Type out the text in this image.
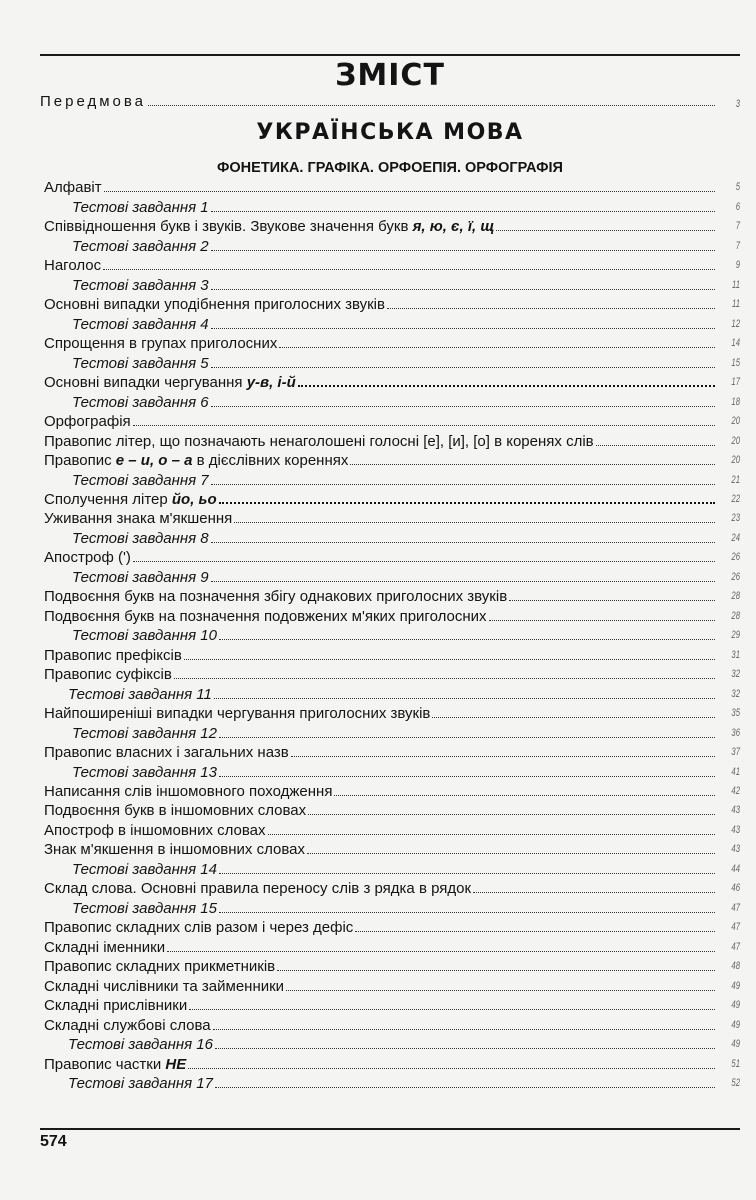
ЗМІСТ
Передмова	3
УКРАЇНСЬКА МОВА
ФОНЕТИКА. ГРАФІКА. ОРФОЕПІЯ. ОРФОГРАФІЯ
Алфавіт	5
Тестові завдання 1	6
Співвідношення букв і звуків. Звукове значення букв я, ю, є, ї, щ	7
Тестові завдання 2	7
Наголос	9
Тестові завдання 3	11
Основні випадки уподібнення приголосних звуків	11
Тестові завдання 4	12
Спрощення в групах приголосних	14
Тестові завдання 5	15
Основні випадки чергування у-в, і-й	17
Тестові завдання 6	18
Орфографія	20
Правопис літер, що позначають ненаголошені голосні [е], [и], [о] в коренях слів	20
Правопис е – и, о – а в дієслівних кореннях	20
Тестові завдання 7	21
Сполучення літер йо, ьо	22
Уживання знака м'якшення	23
Тестові завдання 8	24
Апостроф (')	26
Тестові завдання 9	26
Подвоєння букв на позначення збігу однакових приголосних звуків	28
Подвоєння букв на позначення подовжених м'яких приголосних	28
Тестові завдання 10	29
Правопис префіксів	31
Правопис суфіксів	32
Тестові завдання 11	32
Найпоширеніші випадки чергування приголосних звуків	35
Тестові завдання 12	36
Правопис власних і загальних назв	37
Тестові завдання 13	41
Написання слів іншомовного походження	42
Подвоєння букв в іншомовних словах	43
Апостроф в іншомовних словах	43
Знак м'якшення в іншомовних словах	43
Тестові завдання 14	44
Склад слова. Основні правила переносу слів з рядка в рядок	46
Тестові завдання 15	47
Правопис складних слів разом і через дефіс	47
Складні іменники	47
Правопис складних прикметників	48
Складні числівники та займенники	49
Складні прислівники	49
Складні службові слова	49
Тестові завдання 16	49
Правопис частки НЕ	51
Тестові завдання 17	52
574
